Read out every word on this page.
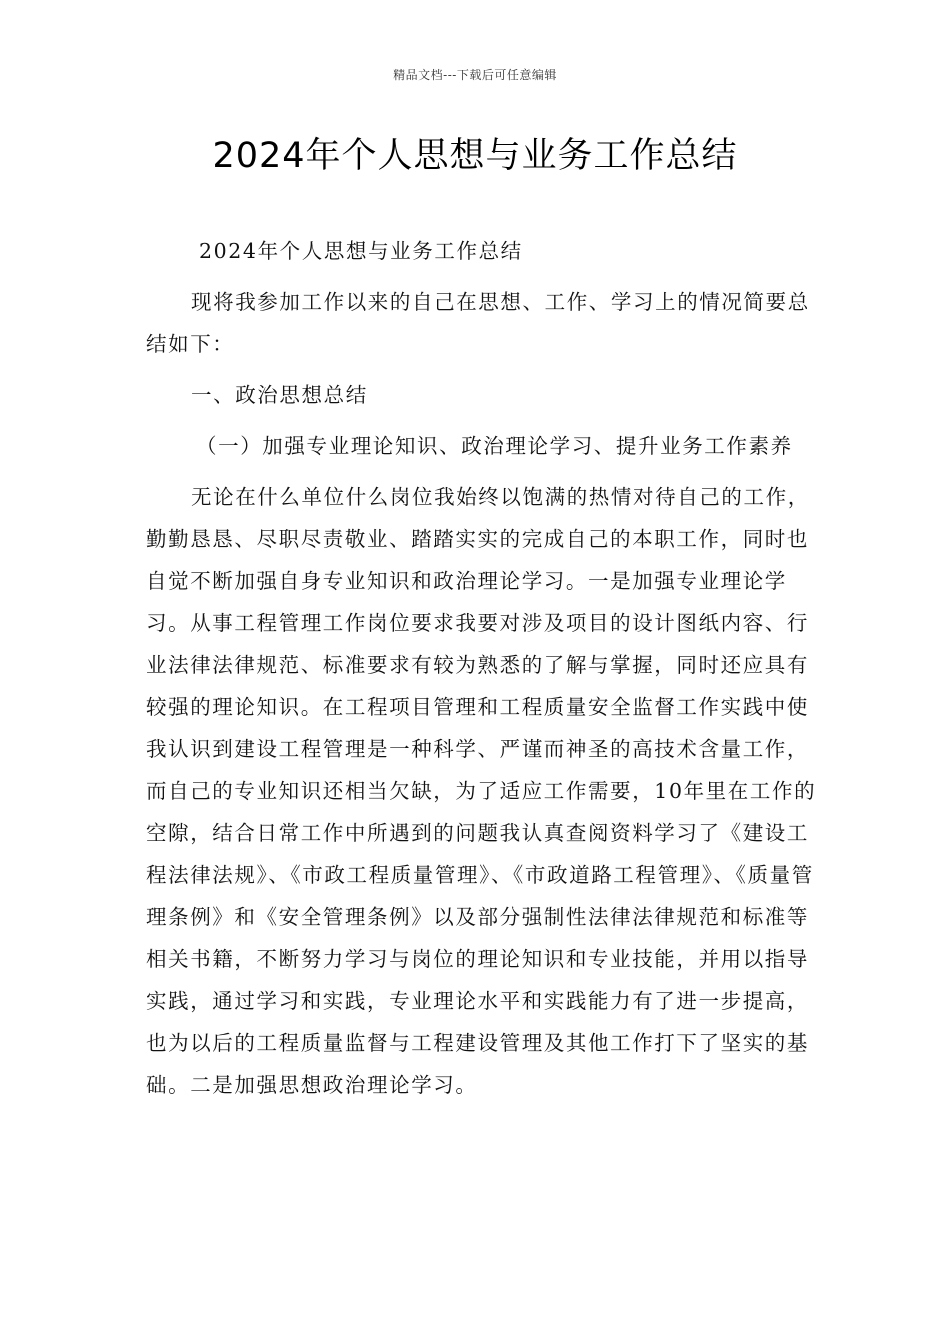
精品文档---下载后可任意编辑
2024年个人思想与业务工作总结

2024年个人思想与业务工作总结

现将我参加工作以来的自己在思想、工作、学习上的情况简要总结如下：

一、政治思想总结

（一）加强专业理论知识、政治理论学习、提升业务工作素养

无论在什么单位什么岗位我始终以饱满的热情对待自己的工作，勤勤恳恳、尽职尽责敬业、踏踏实实的完成自己的本职工作，同时也自觉不断加强自身专业知识和政治理论学习。一是加强专业理论学习。从事工程管理工作岗位要求我要对涉及项目的设计图纸内容、行业法律法律规范、标准要求有较为熟悉的了解与掌握，同时还应具有较强的理论知识。在工程项目管理和工程质量安全监督工作实践中使我认识到建设工程管理是一种科学、严谨而神圣的高技术含量工作，而自己的专业知识还相当欠缺，为了适应工作需要，10年里在工作的空隙，结合日常工作中所遇到的问题我认真查阅资料学习了《建设工程法律法规》、《市政工程质量管理》、《市政道路工程管理》、《质量管理条例》和《安全管理条例》以及部分强制性法律法律规范和标准等相关书籍，不断努力学习与岗位的理论知识和专业技能，并用以指导实践，通过学习和实践，专业理论水平和实践能力有了进一步提高，也为以后的工程质量监督与工程建设管理及其他工作打下了坚实的基础。二是加强思想政治理论学习。
